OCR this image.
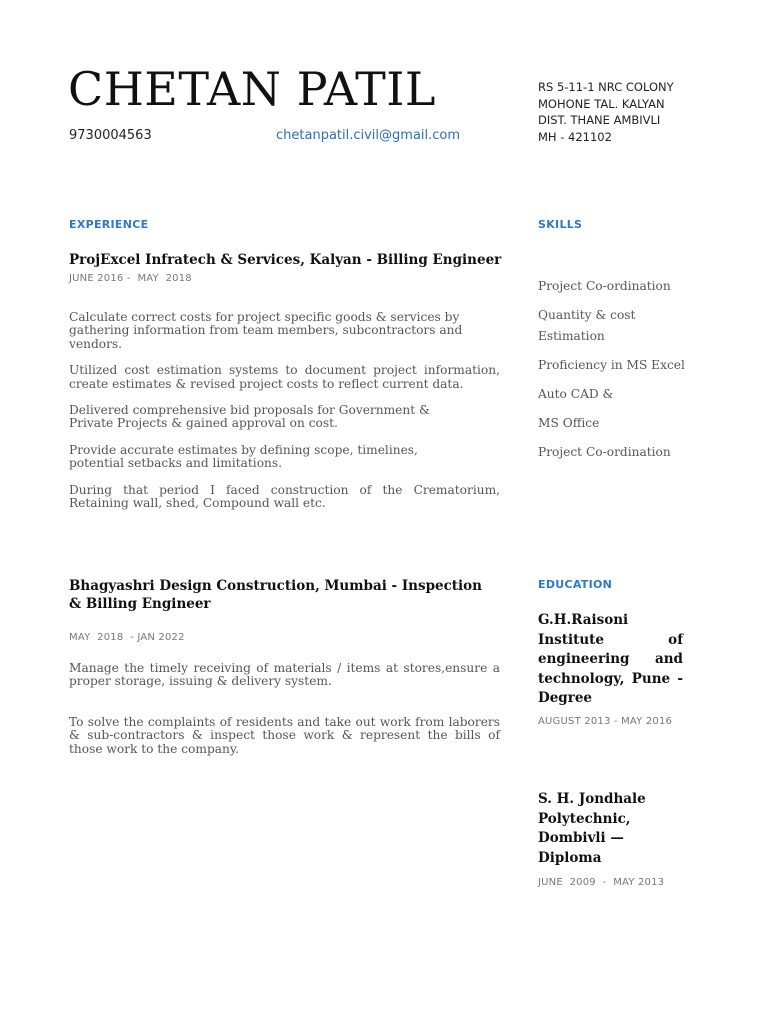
CHETAN PATIL
9730004563	chetanpatil.civil@gmail.com
RS 5-11-1 NRC COLONY
MOHONE TAL. KALYAN
DIST. THANE AMBIVLI
MH - 421102
EXPERIENCE	SKILLS
EDUCATION
ProjExcel Infratech & Services, Kalyan - Billing Engineer
JUNE 2016 -  MAY  2018

Calculate correct costs for project specific goods & services by gathering information from team members, subcontractors and vendors.

Utilized cost estimation systems to document project information, create estimates & revised project costs to reflect current data.

Delivered comprehensive bid proposals for Government & Private Projects & gained approval on cost.

Provide accurate estimates by defining scope, timelines, potential setbacks and limitations.

During that period I faced construction of the Crematorium, Retaining wall, shed, Compound wall etc.

Bhagyashri Design Construction, Mumbai - Inspection & Billing Engineer
MAY  2018  - JAN 2022

Manage the timely receiving of materials / items at stores,ensure a proper storage, issuing & delivery system.

To solve the complaints of residents and take out work from laborers & sub-contractors & inspect those work & represent the bills of those work to the company.

Project Co-ordination
Quantity & cost
Estimation
Proficiency in MS Excel
Auto CAD &
MS Office
Project Co-ordination
G.H.Raisoni Institute of engineering and technology, Pune - Degree
AUGUST 2013 - MAY 2016
S. H. Jondhale Polytechnic, Dombivli — Diploma
JUNE  2009  -  MAY 2013
